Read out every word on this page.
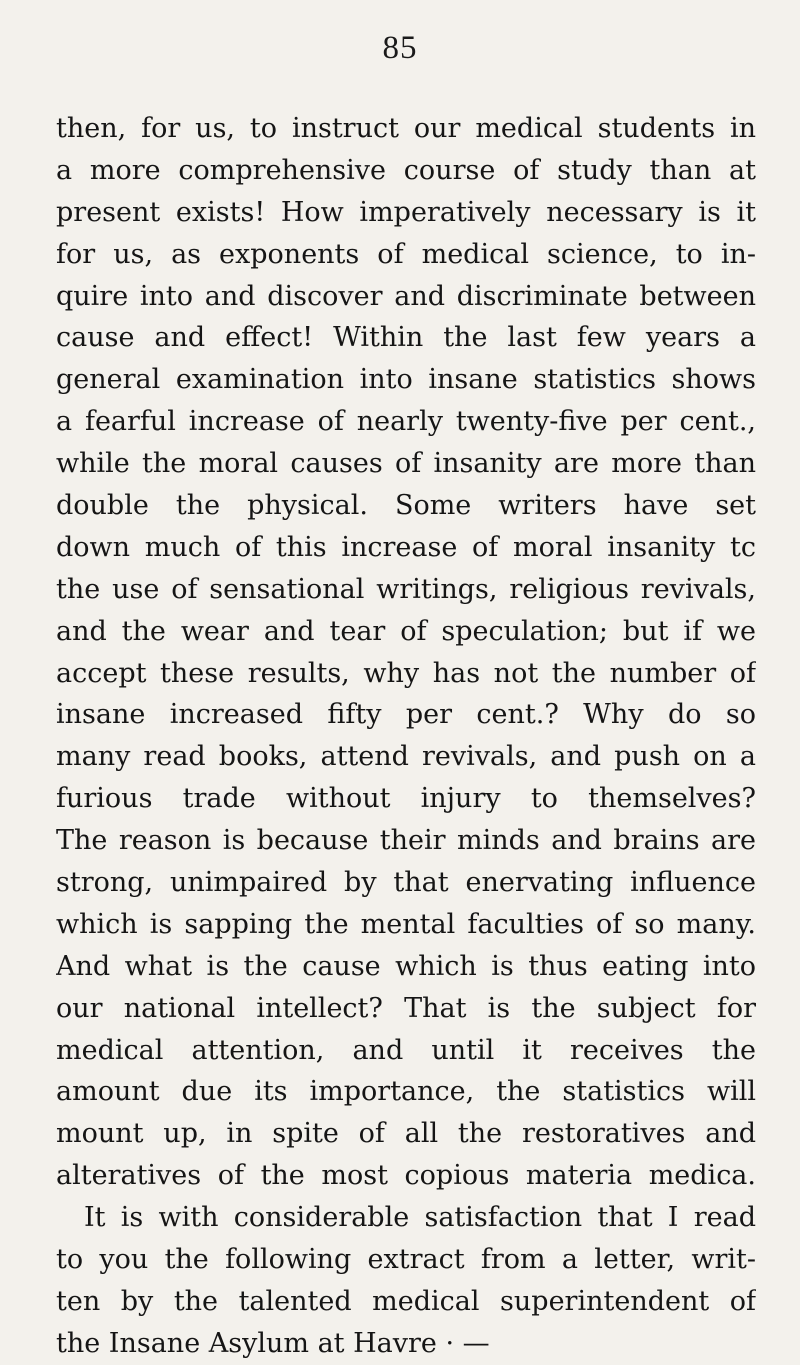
85
then, for us, to instruct our medical students in
a more comprehensive course of study than at
present exists! How imperatively necessary is it
for us, as exponents of medical science, to in-
quire into and discover and discriminate between
cause and effect! Within the last few years a
general examination into insane statistics shows
a fearful increase of nearly twenty-five per cent.,
while the moral causes of insanity are more than
double the physical. Some writers have set
down much of this increase of moral insanity tc
the use of sensational writings, religious revivals,
and the wear and tear of speculation; but if we
accept these results, why has not the number of
insane increased fifty per cent.? Why do so
many read books, attend revivals, and push on a
furious trade without injury to themselves?
The reason is because their minds and brains are
strong, unimpaired by that enervating influence
which is sapping the mental faculties of so many.
And what is the cause which is thus eating into
our national intellect? That is the subject for
medical attention, and until it receives the
amount due its importance, the statistics will
mount up, in spite of all the restoratives and
alteratives of the most copious materia medica.
It is with considerable satisfaction that I read
to you the following extract from a letter, writ-
ten by the talented medical superintendent of
the Insane Asylum at Havre · —
